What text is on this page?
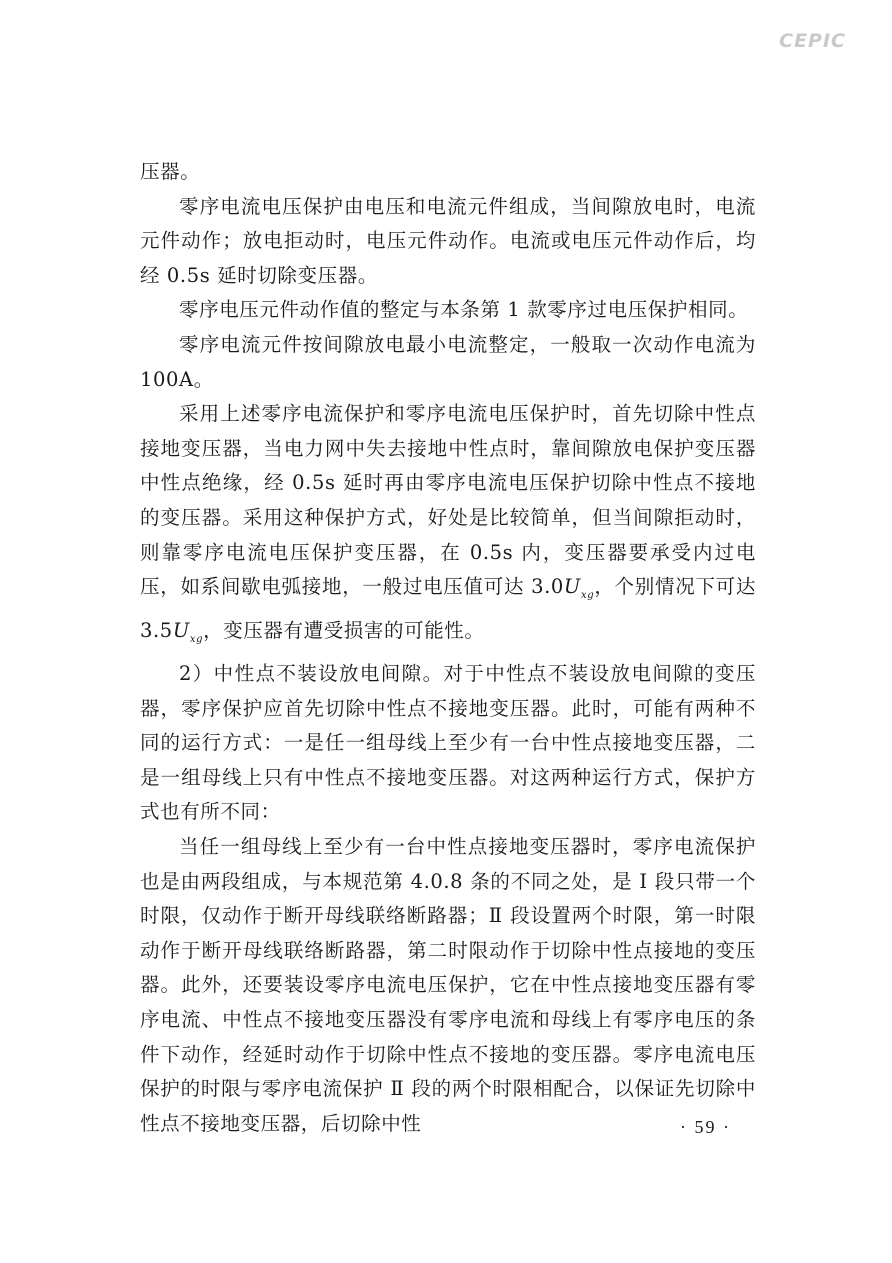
CEPIC

压器。

零序电流电压保护由电压和电流元件组成，当间隙放电时，电流元件动作；放电拒动时，电压元件动作。电流或电压元件动作后，均经 0.5s 延时切除变压器。

零序电压元件动作值的整定与本条第 1 款零序过电压保护相同。

零序电流元件按间隙放电最小电流整定，一般取一次动作电流为 100A。

采用上述零序电流保护和零序电流电压保护时，首先切除中性点接地变压器，当电力网中失去接地中性点时，靠间隙放电保护变压器中性点绝缘，经 0.5s 延时再由零序电流电压保护切除中性点不接地的变压器。采用这种保护方式，好处是比较简单，但当间隙拒动时，则靠零序电流电压保护变压器，在 0.5s 内，变压器要承受内过电压，如系间歇电弧接地，一般过电压值可达 $3.0U_{xg}$，个别情况下可达 $3.5U_{xg}$，变压器有遭受损害的可能性。

2）中性点不装设放电间隙。对于中性点不装设放电间隙的变压器，零序保护应首先切除中性点不接地变压器。此时，可能有两种不同的运行方式：一是任一组母线上至少有一台中性点接地变压器，二是一组母线上只有中性点不接地变压器。对这两种运行方式，保护方式也有所不同：

当任一组母线上至少有一台中性点接地变压器时，零序电流保护也是由两段组成，与本规范第 4.0.8 条的不同之处，是 Ⅰ 段只带一个时限，仅动作于断开母线联络断路器；Ⅱ 段设置两个时限，第一时限动作于断开母线联络断路器，第二时限动作于切除中性点接地的变压器。此外，还要装设零序电流电压保护，它在中性点接地变压器有零序电流、中性点不接地变压器没有零序电流和母线上有零序电压的条件下动作，经延时动作于切除中性点不接地的变压器。零序电流电压保护的时限与零序电流保护 Ⅱ 段的两个时限相配合，以保证先切除中性点不接地变压器，后切除中性	· 59 ·
